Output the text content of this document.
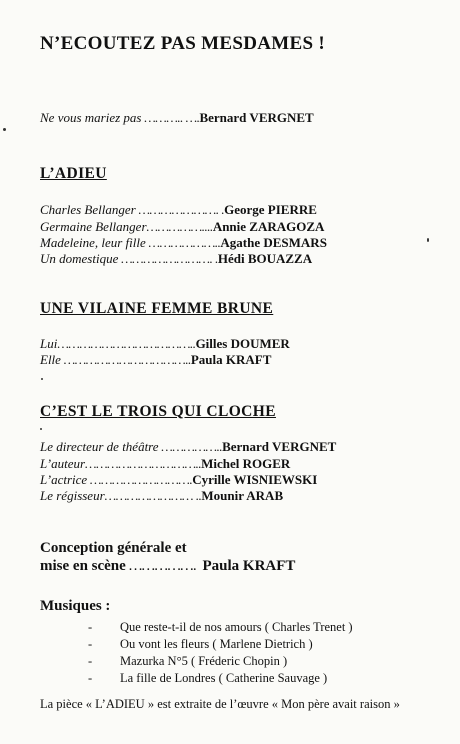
N’ECOUTEZ PAS MESDAMES !
Ne vous mariez pas ……….. ….Bernard VERGNET
L’ADIEU
Charles Bellanger …………………. .George PIERRE
Germaine Bellanger……………....Annie ZARAGOZA
Madeleine, leur fille ………………..Agathe DESMARS
Un domestique ……………………. .Hédi BOUAZZA
UNE VILAINE FEMME BRUNE
Lui………………………………..Gilles DOUMER
Elle ……………………………..Paula KRAFT
C’EST LE TROIS QUI CLOCHE
Le directeur de théâtre ……………..Bernard VERGNET
L’auteur…………………………..Michel ROGER
L’actrice ……………………….Cyrille WISNIEWSKI
Le régisseur…………………… ..Mounir ARAB
Conception générale et
mise en scène ……………. Paula KRAFT
Musiques :
- Que reste-t-il de nos amours ( Charles Trenet )
- Ou vont les fleurs ( Marlene Dietrich )
- Mazurka N°5 ( Fréderic Chopin )
- La fille de Londres ( Catherine Sauvage )
La pièce « L’ADIEU » est extraite de l’œuvre « Mon père avait raison »
